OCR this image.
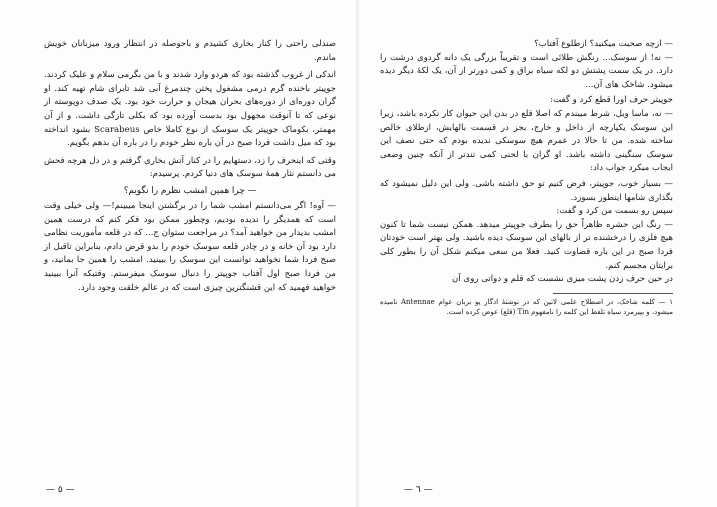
صندلی راحتی را کنار بخاری کشیدم و باحوصله در انتظار ورود میزبانان خویش ماندم.

اندکی از غروب گذشته بود که هردو وارد شدند و با من بگرمی سلام و علیک کردند. جوپیتر باخنده گرم درمی مشغول پختن چندمرغ آبی شد تابرای شام تهیه کند. او گران دوره‌ای از دوره‌های بحران هیجان و حرارت خود بود. یک صدف دوپوسته از نوعی که تا آنوقت مجهول بود بدست آورده بود که بکلی تازگی داشت. و از آن مهمتر، بکوماک جوپیتر یک سوسک از نوع کاملا خاص Scarabeus بشود انداخته بود که میل داشت فردا صبح در آن باره نظر خودم را در باره آن بدهم بگویم.

وقتی که اینحرف را زد، دستهایم را در کنار آتش بخاری گرفتم و در دل هرچه فحش می دانستم نثار همهٔ سوسک های دنیا کردم. پرسیدم:

— چرا همین امشب نظرم را نگویم؟

— آوه! اگر می‌دانستم امشب شما را در برگشتن اینجا میبینم!— ولی خیلی وقت است که همدیگر را ندیده بودیم، وچطور ممکن بود فکر کنم که درست همین امشب بدیدار من خواهید آمد؟ در مراجعت ستوان ج... که در قلعه مأموریت نظامی دارد بود آن خانه و در چادر قلعه سوسک خودم را بدو قرض دادم، بنابراین تاقبل از صبح فردا شما نخواهید توانست این سوسک را ببینید. امشب را همین جا بمانید، و من فردا صبح اول آفتاب جوپیتر را دنبال سوسک میفرستم. وقتیکه آنرا ببینید خواهید فهمید که این قشنگترین چیزی است که در عالم خلقت وجود دارد.

— ٥ —

— ازچه صحبت میکنید؟ ازطلوع آفتاب؟

— نه! از سوسک... رنگش طلائی است و تقریباً بزرگی یک دانه گردوی درشت را دارد. در یک سمت پشتش دو لکه سیاه براق و کمی دورتر از آن، یک لکهٔ دیگر دیده میشود. شاخک های آن...

جوپیتر حرف اورا قطع کرد و گفت:

— نه، ماسا ویل، شرط میبندم که اصلا قلع در بدن این حیوان کار نکرده باشد، زیرا این سوسک یکپارچه از داخل و خارج، بجز در قسمت بالهایش، ازطلای خالص ساخته شده. من تا حالا در عمرم هیچ سوسکی ندیده بودم که حتی نصف این سوسک سنگینی داشته باشد. او گران با لحنی کمی تندتر از آنکه چنین وضعی ایجاب میکرد جواب داد:

— بسیار خوب، جوپیتر، فرض کنیم تو حق داشته باشی. ولی این دلیل نمیشود که بگذاری شامها اینطور بسوزد.

سپس رو بسمت من کرد و گفت:

— رنگ این حشره ظاهراً حق را بطرف جوپیتر میدهد. همکن نیست شما تا کنون هیچ فلزی را درخشنده تر از بالهای این سوسک دیده باشید. ولی بهتر است خودتان فردا صبح در این باره قضاوت کنید. فعلا من سعی میکنم شکل آن را بطور کلی برایتان مجسم کنم.

در حین حرف زدن پشت میزی نشست که قلم و دواتی روی آن

١ — کلمه شاخک، در اصطلاح علمی لاتین که در نوشتهٔ ادگار پو بزبان عوام Antennae نامیده میشود، و بپیرمرد سیاه تلفظ این کلمه را نامفهوم Tin (قلع) عوض کرده است.
— ٦ —
